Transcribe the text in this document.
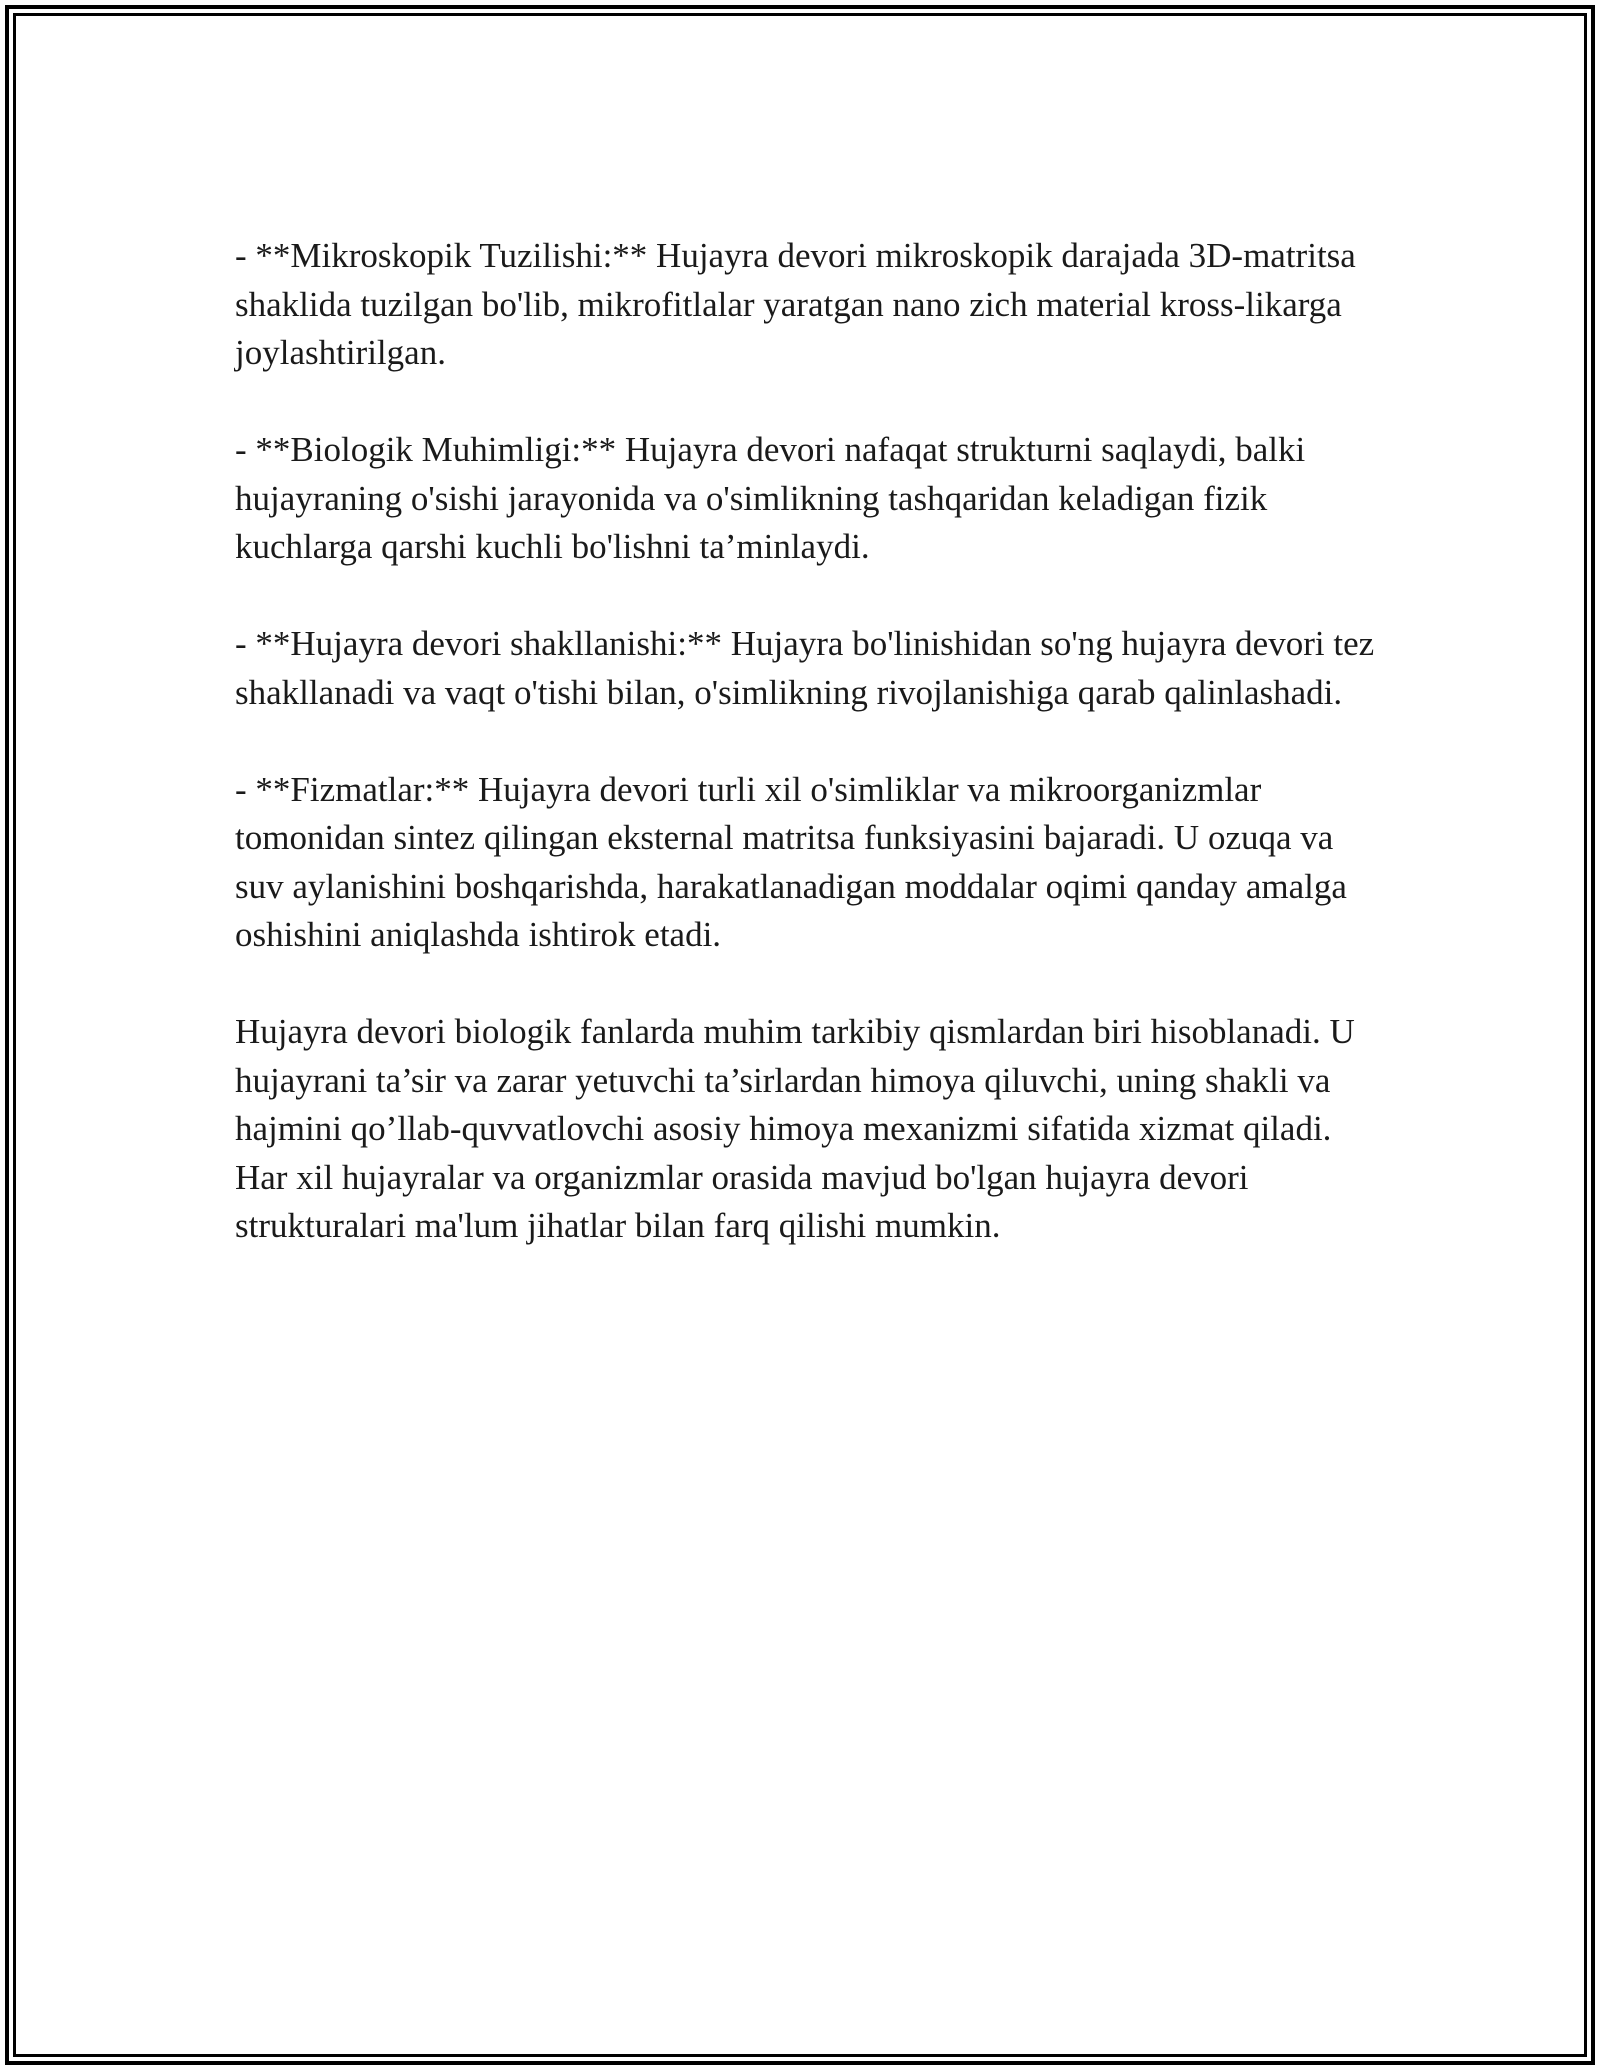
- **Mikroskopik Tuzilishi:** Hujayra devori mikroskopik darajada 3D-matritsa shaklida tuzilgan bo'lib, mikrofitlalar yaratgan nano zich material kross-likarga joylashtirilgan.

- **Biologik Muhimligi:** Hujayra devori nafaqat strukturni saqlaydi, balki hujayraning o'sishi jarayonida va o'simlikning tashqaridan keladigan fizik kuchlarga qarshi kuchli bo'lishni ta’minlaydi.

- **Hujayra devori shakllanishi:** Hujayra bo'linishidan so'ng hujayra devori tez shakllanadi va vaqt o'tishi bilan, o'simlikning rivojlanishiga qarab qalinlashadi.

- **Fizmatlar:** Hujayra devori turli xil o'simliklar va mikroorganizmlar tomonidan sintez qilingan eksternal matritsa funksiyasini bajaradi. U ozuqa va suv aylanishini boshqarishda, harakatlanadigan moddalar oqimi qanday amalga oshishini aniqlashda ishtirok etadi.

Hujayra devori biologik fanlarda muhim tarkibiy qismlardan biri hisoblanadi. U hujayrani ta’sir va zarar yetuvchi ta’sirlardan himoya qiluvchi, uning shakli va hajmini qo’llab-quvvatlovchi asosiy himoya mexanizmi sifatida xizmat qiladi. Har xil hujayralar va organizmlar orasida mavjud bo'lgan hujayra devori strukturalari ma'lum jihatlar bilan farq qilishi mumkin.
